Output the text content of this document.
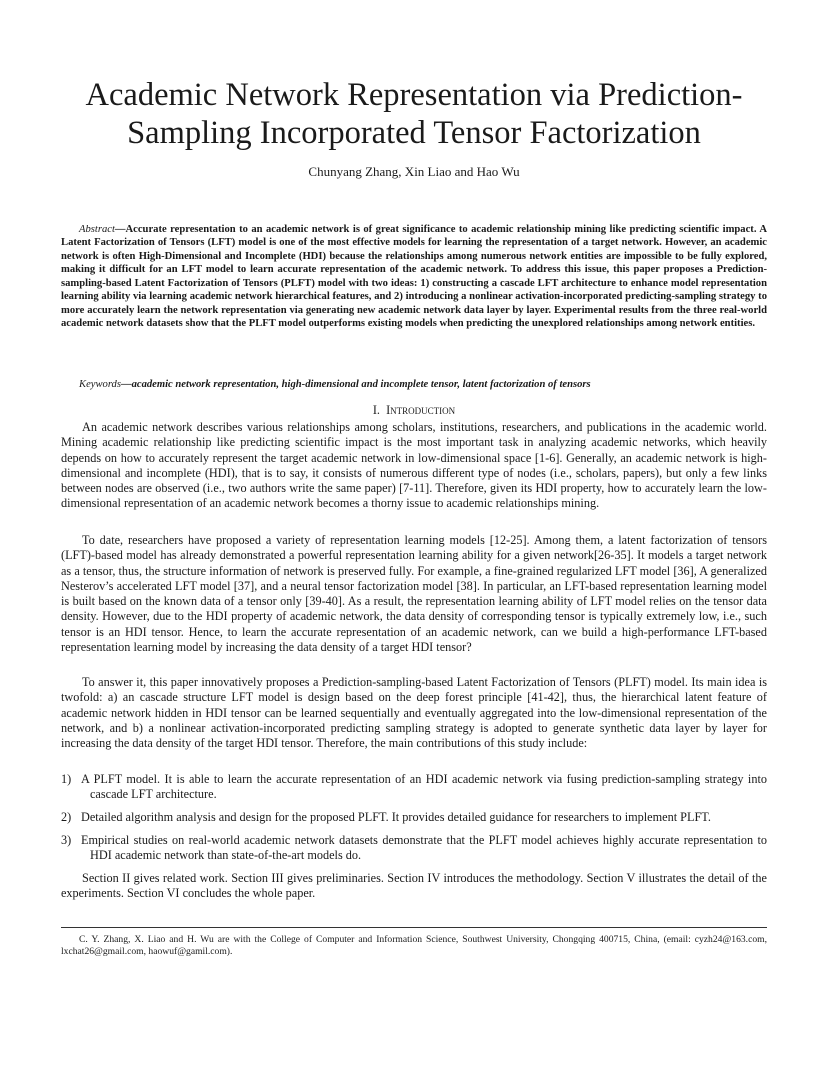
Academic Network Representation via Prediction-
Sampling Incorporated Tensor Factorization
Chunyang Zhang, Xin Liao and Hao Wu

Abstract—Accurate representation to an academic network is of great significance to academic relationship mining like predicting scientific impact. A Latent Factorization of Tensors (LFT) model is one of the most effective models for learning the representation of a target network. However, an academic network is often High-Dimensional and Incomplete (HDI) because the relationships among numerous network entities are impossible to be fully explored, making it difficult for an LFT model to learn accurate representation of the academic network. To address this issue, this paper proposes a Prediction-sampling-based Latent Factorization of Tensors (PLFT) model with two ideas: 1) constructing a cascade LFT architecture to enhance model representation learning ability via learning academic network hierarchical features, and 2) introducing a nonlinear activation-incorporated predicting-sampling strategy to more accurately learn the network representation via generating new academic network data layer by layer. Experimental results from the three real-world academic network datasets show that the PLFT model outperforms existing models when predicting the unexplored relationships among network entities.

Keywords—academic network representation, high-dimensional and incomplete tensor, latent factorization of tensors

I. Introduction

An academic network describes various relationships among scholars, institutions, researchers, and publications in the academic world. Mining academic relationship like predicting scientific impact is the most important task in analyzing academic networks, which heavily depends on how to accurately represent the target academic network in low-dimensional space [1-6]. Generally, an academic network is high-dimensional and incomplete (HDI), that is to say, it consists of numerous different type of nodes (i.e., scholars, papers), but only a few links between nodes are observed (i.e., two authors write the same paper) [7-11]. Therefore, given its HDI property, how to accurately learn the low-dimensional representation of an academic network becomes a thorny issue to academic relationships mining.

To date, researchers have proposed a variety of representation learning models [12-25]. Among them, a latent factorization of tensors (LFT)-based model has already demonstrated a powerful representation learning ability for a given network[26-35]. It models a target network as a tensor, thus, the structure information of network is preserved fully. For example, a fine-grained regularized LFT model [36], A generalized Nesterov’s accelerated LFT model [37], and a neural tensor factorization model [38]. In particular, an LFT-based representation learning model is built based on the known data of a tensor only [39-40]. As a result, the representation learning ability of LFT model relies on the tensor data density. However, due to the HDI property of academic network, the data density of corresponding tensor is typically extremely low, i.e., such tensor is an HDI tensor. Hence, to learn the accurate representation of an academic network, can we build a high-performance LFT-based representation learning model by increasing the data density of a target HDI tensor?

To answer it, this paper innovatively proposes a Prediction-sampling-based Latent Factorization of Tensors (PLFT) model. Its main idea is twofold: a) an cascade structure LFT model is design based on the deep forest principle [41-42], thus, the hierarchical latent feature of academic network hidden in HDI tensor can be learned sequentially and eventually aggregated into the low-dimensional representation of the network, and b) a nonlinear activation-incorporated predicting sampling strategy is adopted to generate synthetic data layer by layer for increasing the data density of the target HDI tensor. Therefore, the main contributions of this study include:

1) A PLFT model. It is able to learn the accurate representation of an HDI academic network via fusing prediction-sampling strategy into cascade LFT architecture.

2) Detailed algorithm analysis and design for the proposed PLFT. It provides detailed guidance for researchers to implement PLFT.

3) Empirical studies on real-world academic network datasets demonstrate that the PLFT model achieves highly accurate representation to HDI academic network than state-of-the-art models do.

Section II gives related work. Section III gives preliminaries. Section IV introduces the methodology. Section V illustrates the detail of the experiments. Section VI concludes the whole paper.

C. Y. Zhang, X. Liao and H. Wu are with the College of Computer and Information Science, Southwest University, Chongqing 400715, China, (email: cyzh24@163.com, lxchat26@gmail.com, haowuf@gamil.com).
